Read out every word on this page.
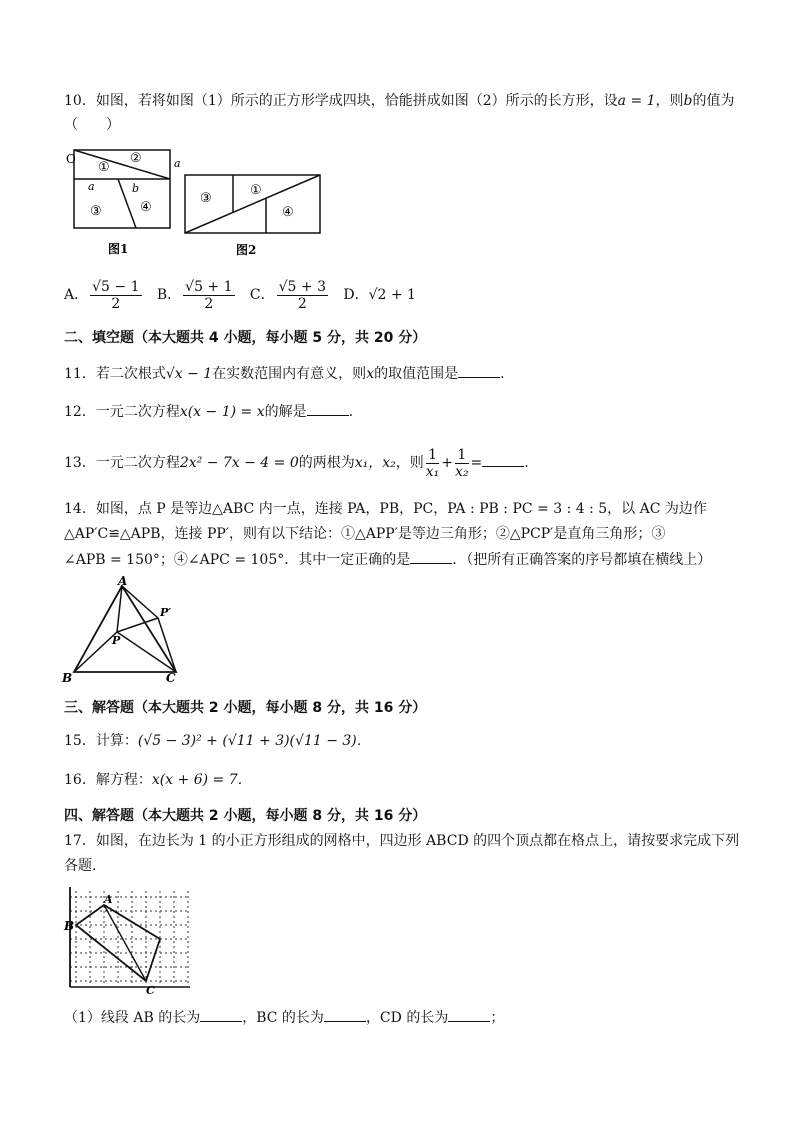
10．如图，若将如图（1）所示的正方形学成四块，恰能拼成如图（2）所示的长方形，设a = 1，则b的值为
（　　）
O
①
②
③	④
a
a	b
图1
③
①
④
图2
A． $\frac{√5 - 1}{2}$ B． $\frac{√5 + 1}{2}$ C． $\frac{√5 + 3}{2}$ D．√2 + 1
二、填空题（本大题共 4 小题，每小题 5 分，共 20 分）
11．若二次根式√x − 1在实数范围内有意义，则x的取值范围是	.
12．一元二次方程x(x − 1) = x的解是	.
13．一元二次方程2x² − 7x − 4 = 0的两根为x₁，x₂，则 $\frac{1}{\text{x₁}} + \frac{1}{\text{x₂}}$ =	.
14．如图，点 P 是等边△ABC 内一点，连接 PA，PB，PC，PA : PB : PC = 3 : 4 : 5，以 AC 为边作
△AP′C≌△APB，连接 PP′，则有以下结论：①△APP′是等边三角形；②△PCP′是直角三角形；③
∠APB = 150°；④∠APC = 105°．其中一定正确的是	．（把所有正确答案的序号都填在横线上）
A
B	C
P
P′
三、解答题（本大题共 2 小题，每小题 8 分，共 16 分）
15．计算：(√5 − 3)² + (√11 + 3)(√11 − 3)．
16．解方程：x(x + 6) = 7．
四、解答题（本大题共 2 小题，每小题 8 分，共 16 分）
17．如图，在边长为 1 的小正方形组成的网格中，四边形 ABCD 的四个顶点都在格点上，请按要求完成下列
各题．
A
B
C
（1）线段 AB 的长为	，BC 的长为	，CD 的长为	；
